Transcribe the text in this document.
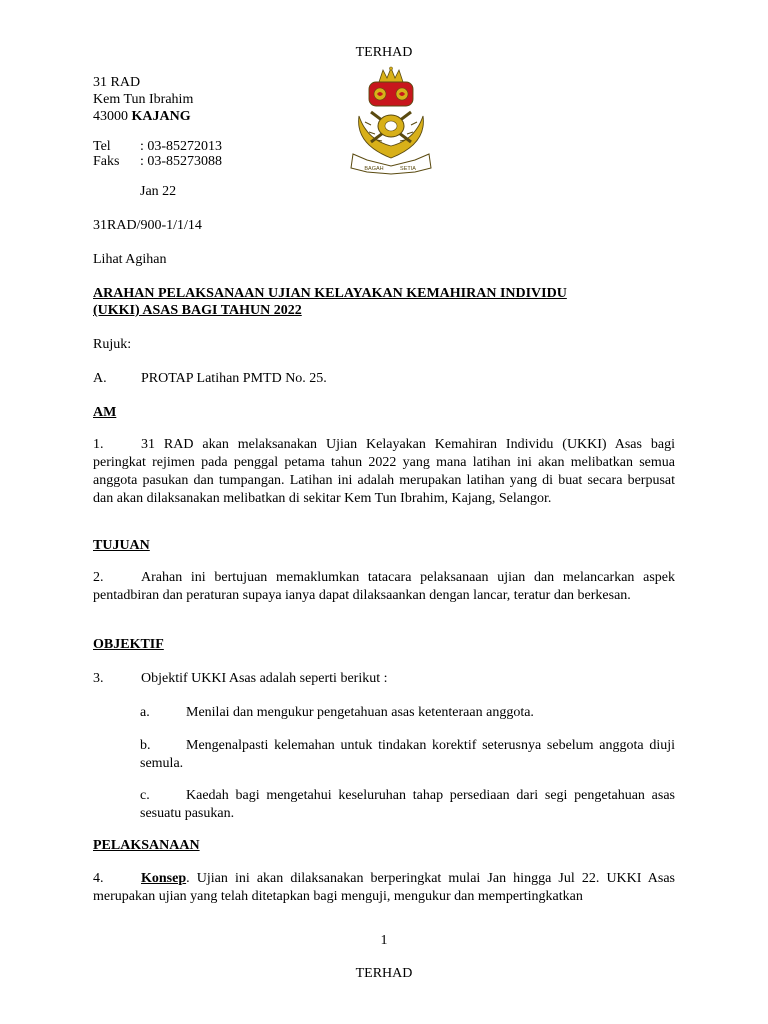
TERHAD
31 RAD
Kem Tun Ibrahim
43000 KAJANG
Tel : 03-85272013
Faks : 03-85273088
Jan 22
31RAD/900-1/1/14
Lihat Agihan
BAGAH	SETIA
ARAHAN PELAKSANAAN UJIAN KELAYAKAN KEMAHIRAN INDIVIDU
(UKKI) ASAS BAGI TAHUN 2022
Rujuk:
A. PROTAP Latihan PMTD No. 25.
AM
1.	31 RAD akan melaksanakan Ujian Kelayakan Kemahiran Individu (UKKI) Asas bagi peringkat rejimen pada penggal petama tahun 2022 yang mana latihan ini akan melibatkan semua anggota pasukan dan tumpangan. Latihan ini adalah merupakan latihan yang di buat secara berpusat dan akan dilaksanakan melibatkan di sekitar Kem Tun Ibrahim, Kajang, Selangor.
TUJUAN
2.	Arahan ini bertujuan memaklumkan tatacara pelaksanaan ujian dan melancarkan aspek pentadbiran dan peraturan supaya ianya dapat dilaksaankan dengan lancar, teratur dan berkesan.
OBJEKTIF
3.	Objektif UKKI Asas adalah seperti berikut :
a.	Menilai dan mengukur pengetahuan asas ketenteraan anggota.
b.	Mengenalpasti kelemahan untuk tindakan korektif seterusnya sebelum anggota diuji semula.
c.	Kaedah bagi mengetahui keseluruhan tahap persediaan dari segi pengetahuan asas sesuatu pasukan.
PELAKSANAAN
4.	Konsep. Ujian ini akan dilaksanakan berperingkat mulai Jan hingga Jul 22. UKKI Asas merupakan ujian yang telah ditetapkan bagi menguji, mengukur dan mempertingkatkan
1
TERHAD
